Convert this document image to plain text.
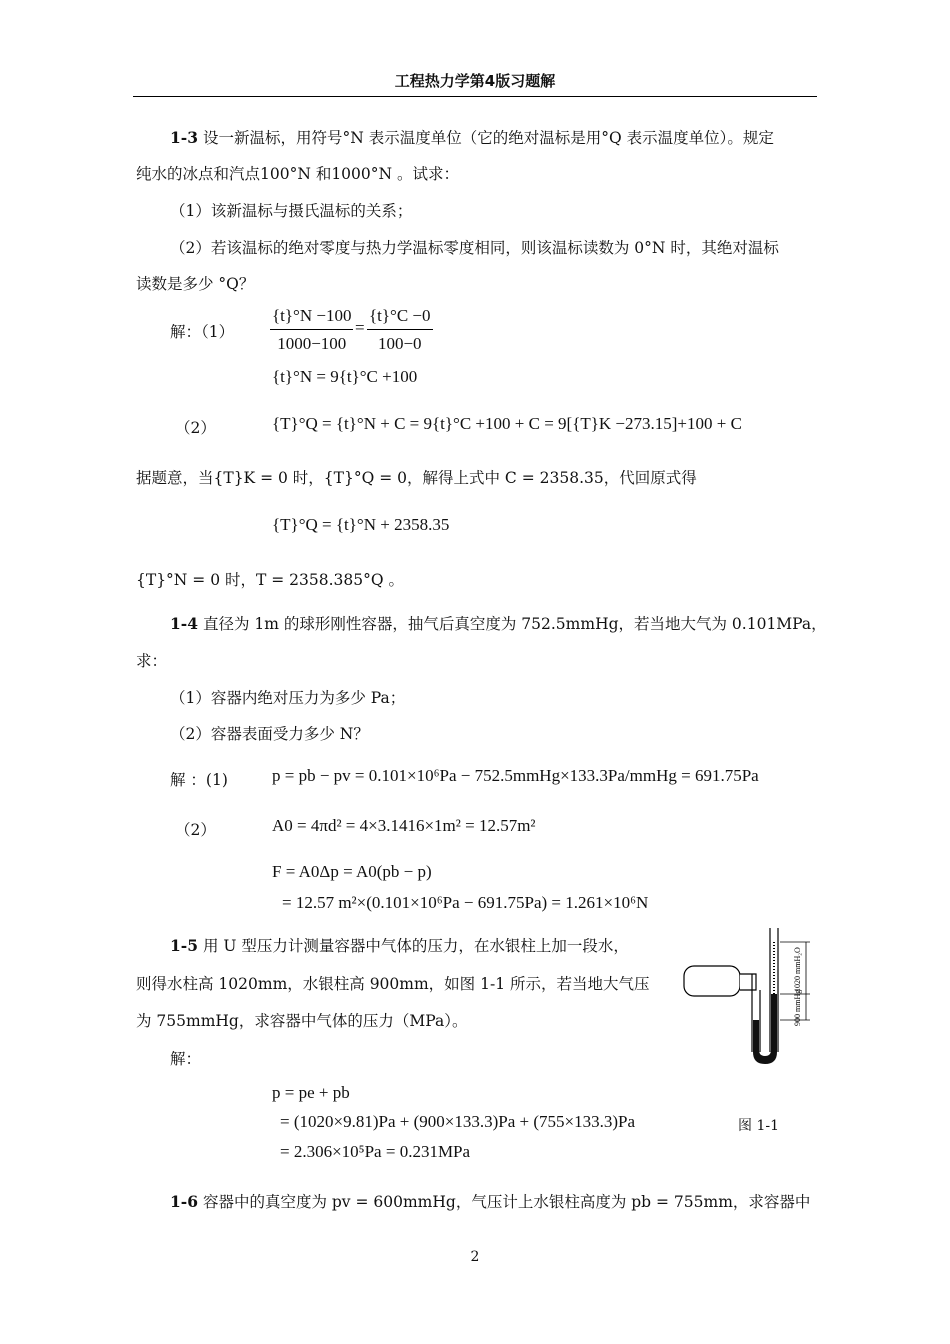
工程热力学第4版习题解
1-3 设一新温标，用符号°N 表示温度单位（它的绝对温标是用°Q 表示温度单位）。规定
纯水的冰点和汽点100°N 和1000°N 。试求：
（1）该新温标与摄氏温标的关系；
（2）若该温标的绝对零度与热力学温标零度相同，则该温标读数为 0°N 时，其绝对温标
读数是多少 °Q？
解：$(1) \frac{\{t\}^\circ N -100}{1000-100} = \frac{\{t\}^\circ C -0}{100-0}$
{t}°N = 9{t}°C +100
（2）	{T}°Q = {t}°N + C = 9{t}°C +100 + C = 9[{T}K −273.15]+100 + C
据题意，当{T}K = 0 时，{T}°Q = 0，解得上式中 C = 2358.35，代回原式得
{T}°Q = {t}°N + 2358.35
{T}°N = 0 时，T = 2358.385°Q 。
1-4 直径为 1m 的球形刚性容器，抽气后真空度为 752.5mmHg，若当地大气为 0.101MPa，
求：
（1）容器内绝对压力为多少 Pa；
（2）容器表面受力多少 N？
解 ：(1)	p = pb − pv = 0.101×10⁶Pa − 752.5mmHg×133.3Pa/mmHg = 691.75Pa
（2）	A0 = 4πd² = 4×3.1416×1m² = 12.57m²
F = A0Δp = A0(pb − p)
= 12.57 m²×(0.101×10⁶Pa − 691.75Pa) = 1.261×10⁶N
1-5 用 U 型压力计测量容器中气体的压力，在水银柱上加一段水，
则得水柱高 1020mm，水银柱高 900mm，如图 1-1 所示，若当地大气压
为 755mmHg，求容器中气体的压力（MPa）。
解：
p = pe + pb
= (1020×9.81)Pa + (900×133.3)Pa + (755×133.3)Pa
= 2.306×10⁵Pa = 0.231MPa
图 1-1
1020 mmH₂O
900 mmHg
1-6 容器中的真空度为 pv = 600mmHg，气压计上水银柱高度为 pb = 755mm，求容器中
2
